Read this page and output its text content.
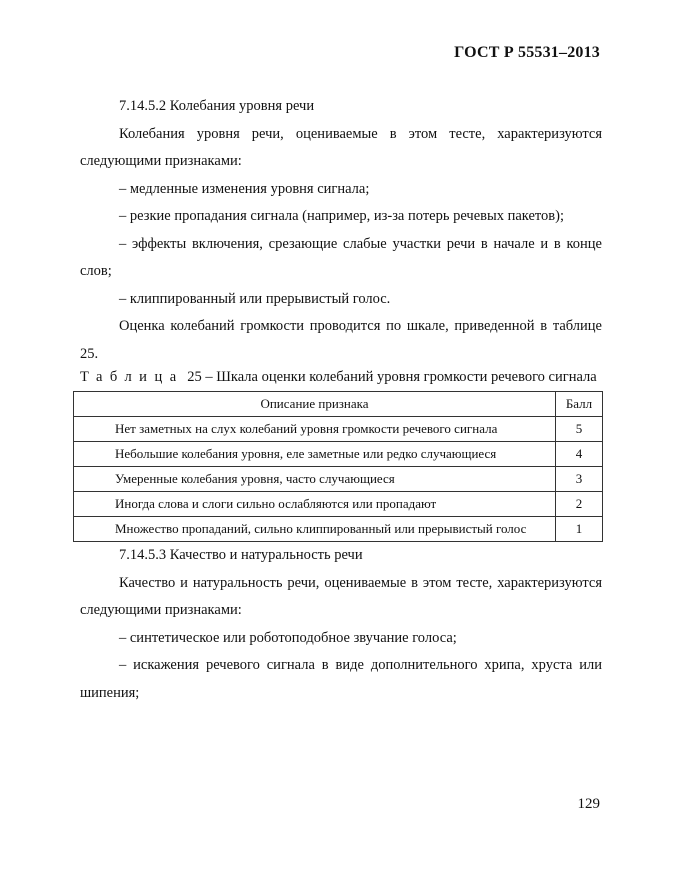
ГОСТ Р 55531–2013

7.14.5.2 Колебания уровня речи

Колебания уровня речи, оцениваемые в этом тесте, характеризуются следующими признаками:

– медленные изменения уровня сигнала;

– резкие пропадания сигнала (например, из-за потерь речевых пакетов);

– эффекты включения, срезающие слабые участки речи в начале и в конце слов;

– клиппированный или прерывистый голос.

Оценка колебаний громкости проводится по шкале, приведенной в таблице 25.

Таблица 25 – Шкала оценки колебаний уровня громкости речевого сигнала
Описание признака	Балл
Нет заметных на слух колебаний уровня громкости речевого сигнала	5
Небольшие колебания уровня, еле заметные или редко случающиеся	4
Умеренные колебания уровня, часто случающиеся	3
Иногда слова и слоги сильно ослабляются или пропадают	2
Множество пропаданий, сильно клиппированный или прерывистый голос	1

7.14.5.3 Качество и натуральность речи

Качество и натуральность речи, оцениваемые в этом тесте, характеризуются следующими признаками:

– синтетическое или роботоподобное звучание голоса;

– искажения речевого сигнала в виде дополнительного хрипа, хруста или шипения;

129
